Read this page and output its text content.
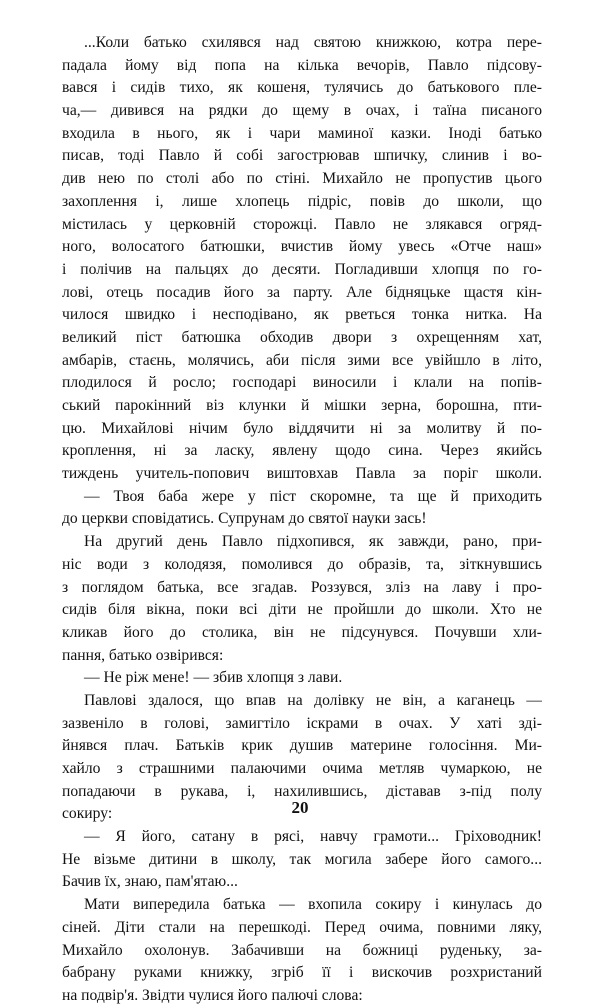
...Коли батько схилявся над святою книжкою, котра пере-
падала йому від попа на кілька вечорів, Павло підсову-
вався і сидів тихо, як кошеня, тулячись до батькового пле-
ча,— дивився на рядки до щему в очах, і таїна писаного
входила в нього, як і чари маминої казки. Іноді батько
писав, тоді Павло й собі загострював шпичку, слинив і во-
див нею по столі або по стіні. Михайло не пропустив цього
захоплення і, лише хлопець підріс, повів до школи, що
містилась у церковній сторожці. Павло не злякався огряд-
ного, волосатого батюшки, вчистив йому увесь «Отче наш»
і полічив на пальцях до десяти. Погладивши хлопця по го-
лові, отець посадив його за парту. Але бідняцьке щастя кін-
чилося швидко і несподівано, як рветься тонка нитка. На
великий піст батюшка обходив двори з охрещенням хат,
амбарів, стаєнь, молячись, аби після зими все увійшло в літо,
плодилося й росло; господарі виносили і клали на попів-
ський парокінний віз клунки й мішки зерна, борошна, пти-
цю. Михайлові нічим було віддячити ні за молитву й по-
кроплення, ні за ласку, явлену щодо сина. Через якийсь
тиждень учитель-попович виштовхав Павла за поріг школи.
— Твоя баба жере у піст скоромне, та ще й приходить
до церкви сповідатись. Супрунам до святої науки зась!
На другий день Павло підхопився, як завжди, рано, при-
ніс води з колодязя, помолився до образів, та, зіткнувшись
з поглядом батька, все згадав. Роззувся, зліз на лаву і про-
сидів біля вікна, поки всі діти не пройшли до школи. Хто не
кликав його до столика, він не підсунувся. Почувши хли-
пання, батько озвірився:
— Не ріж мене! — збив хлопця з лави.
Павлові здалося, що впав на долівку не він, а каганець —
зазвеніло в голові, замигтіло іскрами в очах. У хаті зді-
йнявся плач. Батьків крик душив материне голосіння. Ми-
хайло з страшними палаючими очима метляв чумаркою, не
попадаючи в рукава, і, нахилившись, діставав з-під полу
сокиру:
— Я його, сатану в рясі, навчу грамоти... Гріховодник!
Не візьме дитини в школу, так могила забере його самого...
Бачив їх, знаю, пам'ятаю...
Мати випередила батька — вхопила сокиру і кинулась до
сіней. Діти стали на перешкоді. Перед очима, повними ляку,
Михайло охолонув. Забачивши на божниці руденьку, за-
бабрану руками книжку, згріб її і вискочив розхристаний
на подвір'я. Звідти чулися його палючі слова:
20
